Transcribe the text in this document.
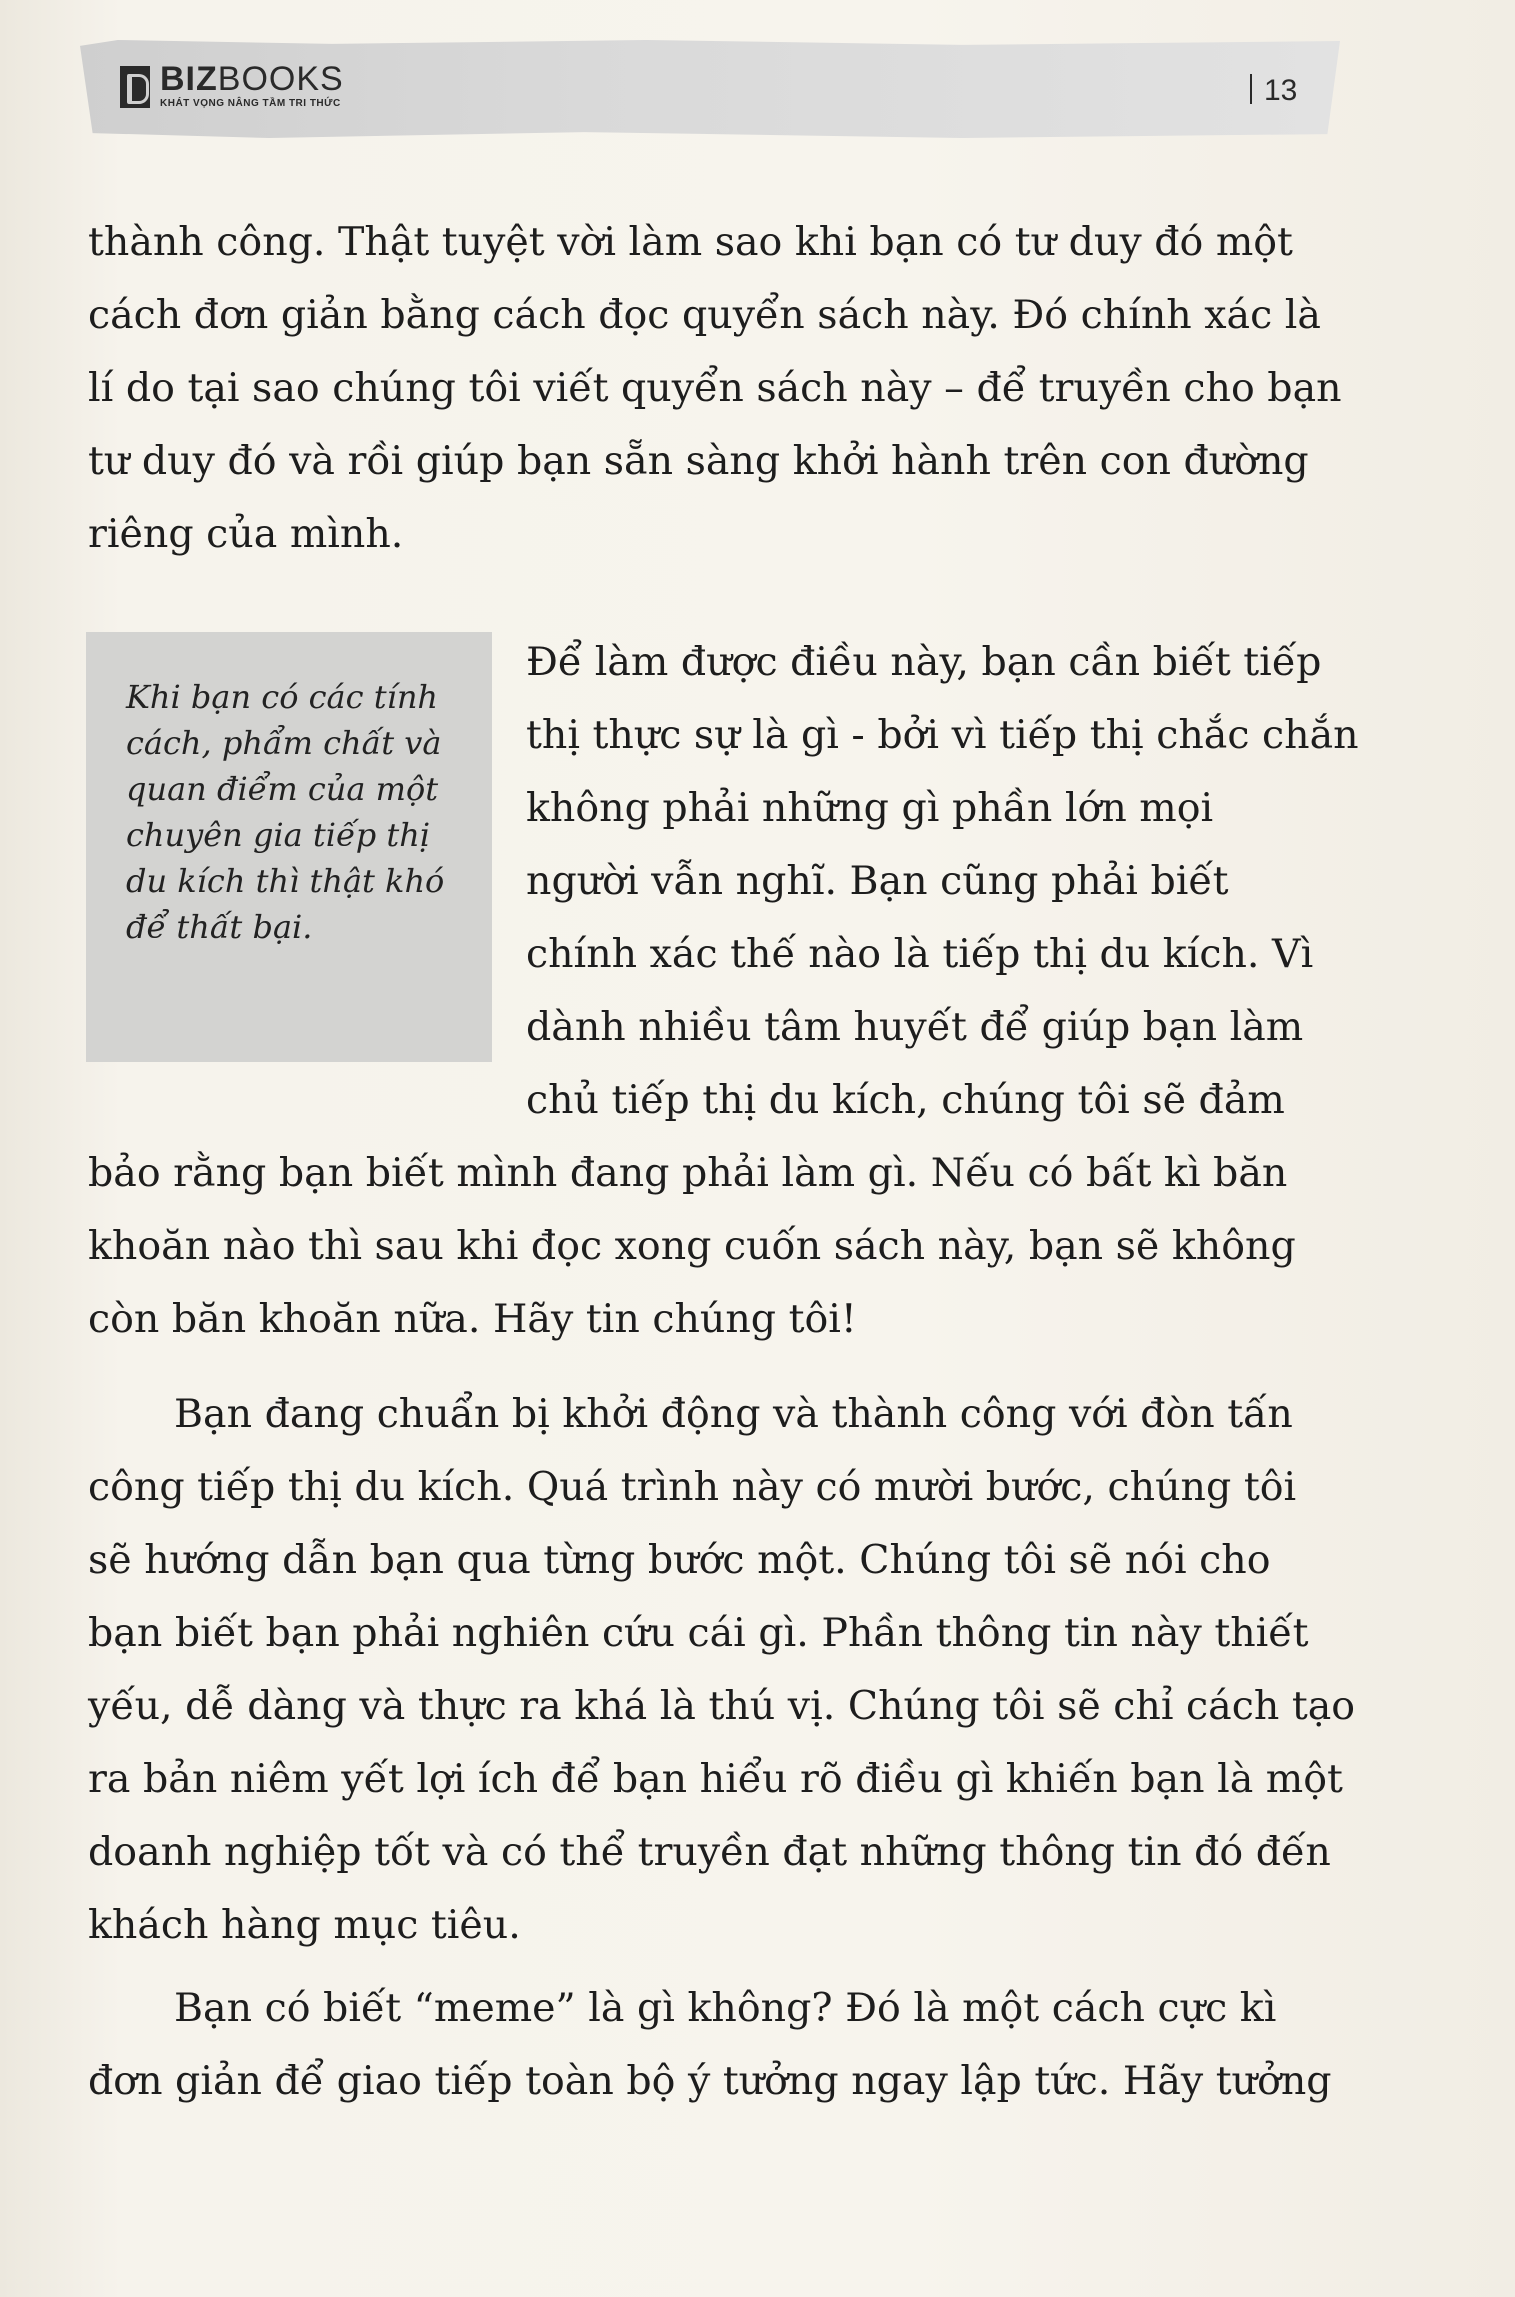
BIZBOOKS
KHÁT VỌNG NÂNG TẦM TRI THỨC	13
thành công. Thật tuyệt vời làm sao khi bạn có tư duy đó một
cách đơn giản bằng cách đọc quyển sách này. Đó chính xác là
lí do tại sao chúng tôi viết quyển sách này – để truyền cho bạn
tư duy đó và rồi giúp bạn sẵn sàng khởi hành trên con đường
riêng của mình.
Khi bạn có các tính
cách, phẩm chất và
quan điểm của một
chuyên gia tiếp thị
du kích thì thật khó
để thất bại.
Để làm được điều này, bạn cần biết tiếp
thị thực sự là gì - bởi vì tiếp thị chắc chắn
không phải những gì phần lớn mọi
người vẫn nghĩ. Bạn cũng phải biết
chính xác thế nào là tiếp thị du kích. Vì
dành nhiều tâm huyết để giúp bạn làm
chủ tiếp thị du kích, chúng tôi sẽ đảm
bảo rằng bạn biết mình đang phải làm gì. Nếu có bất kì băn
khoăn nào thì sau khi đọc xong cuốn sách này, bạn sẽ không
còn băn khoăn nữa. Hãy tin chúng tôi!
Bạn đang chuẩn bị khởi động và thành công với đòn tấn
công tiếp thị du kích. Quá trình này có mười bước, chúng tôi
sẽ hướng dẫn bạn qua từng bước một. Chúng tôi sẽ nói cho
bạn biết bạn phải nghiên cứu cái gì. Phần thông tin này thiết
yếu, dễ dàng và thực ra khá là thú vị. Chúng tôi sẽ chỉ cách tạo
ra bản niêm yết lợi ích để bạn hiểu rõ điều gì khiến bạn là một
doanh nghiệp tốt và có thể truyền đạt những thông tin đó đến
khách hàng mục tiêu.
Bạn có biết “meme” là gì không? Đó là một cách cực kì
đơn giản để giao tiếp toàn bộ ý tưởng ngay lập tức. Hãy tưởng
